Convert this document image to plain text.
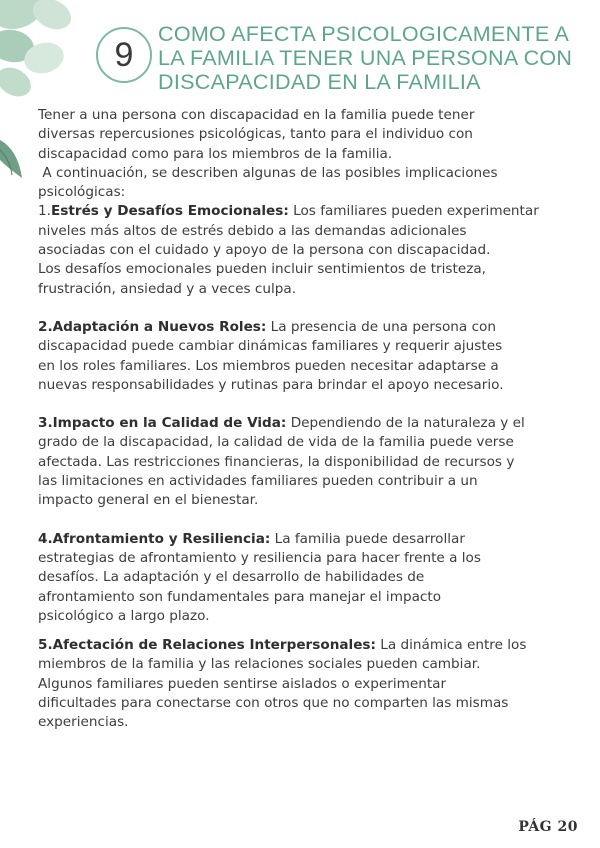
9
COMO AFECTA PSICOLOGICAMENTE A
LA FAMILIA TENER UNA PERSONA CON
DISCAPACIDAD EN LA FAMILIA

Tener a una persona con discapacidad en la familia puede tener

diversas repercusiones psicológicas, tanto para el individuo con

discapacidad como para los miembros de la familia.

A continuación, se describen algunas de las posibles implicaciones

psicológicas:

1.Estrés y Desafíos Emocionales: Los familiares pueden experimentar

niveles más altos de estrés debido a las demandas adicionales

asociadas con el cuidado y apoyo de la persona con discapacidad.

Los desafíos emocionales pueden incluir sentimientos de tristeza,

frustración, ansiedad y a veces culpa.

2.Adaptación a Nuevos Roles: La presencia de una persona con

discapacidad puede cambiar dinámicas familiares y requerir ajustes

en los roles familiares. Los miembros pueden necesitar adaptarse a

nuevas responsabilidades y rutinas para brindar el apoyo necesario.

3.Impacto en la Calidad de Vida: Dependiendo de la naturaleza y el

grado de la discapacidad, la calidad de vida de la familia puede verse

afectada. Las restricciones financieras, la disponibilidad de recursos y

las limitaciones en actividades familiares pueden contribuir a un

impacto general en el bienestar.

4.Afrontamiento y Resiliencia: La familia puede desarrollar

estrategias de afrontamiento y resiliencia para hacer frente a los

desafíos. La adaptación y el desarrollo de habilidades de

afrontamiento son fundamentales para manejar el impacto

psicológico a largo plazo.

5.Afectación de Relaciones Interpersonales: La dinámica entre los

miembros de la familia y las relaciones sociales pueden cambiar.

Algunos familiares pueden sentirse aislados o experimentar

dificultades para conectarse con otros que no comparten las mismas

experiencias.

PÁG 20
